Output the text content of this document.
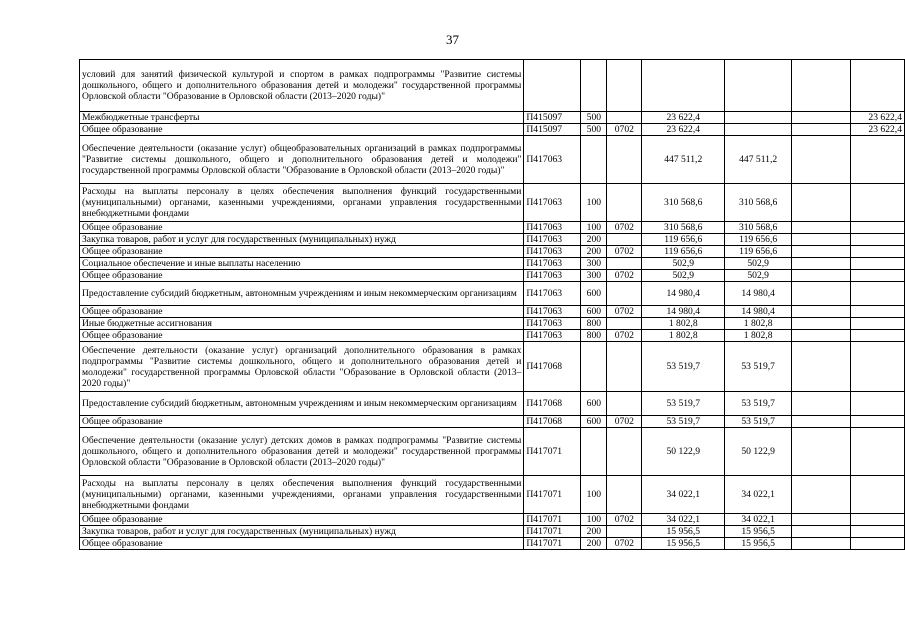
37
условий для занятий физической культурой и спортом в рамках подпрограммы "Развитие системы дошкольного, общего и дополнительного образования детей и молодежи" государственной программы Орловской области "Образование в Орловской области (2013–2020 годы)"							
Межбюджетные трансферты	П415097	500		23 622,4			23 622,4
Общее образование	П415097	500	0702	23 622,4			23 622,4
Обеспечение деятельности (оказание услуг) общеобразовательных организаций в рамках подпрограммы "Развитие системы дошкольного, общего и дополнительного образования детей и молодежи" государственной программы Орловской области "Образование в Орловской области (2013–2020 годы)"	П417063			447 511,2	447 511,2		
Расходы на выплаты персоналу в целях обеспечения выполнения функций государственными (муниципальными) органами, казенными учреждениями, органами управления государственными внебюджетными фондами	П417063	100		310 568,6	310 568,6		
Общее образование	П417063	100	0702	310 568,6	310 568,6		
Закупка товаров, работ и услуг для государственных (муниципальных) нужд	П417063	200		119 656,6	119 656,6		
Общее образование	П417063	200	0702	119 656,6	119 656,6		
Социальное обеспечение и иные выплаты населению	П417063	300		502,9	502,9		
Общее образование	П417063	300	0702	502,9	502,9		
Предоставление субсидий бюджетным, автономным учреждениям и иным некоммерческим организациям	П417063	600		14 980,4	14 980,4		
Общее образование	П417063	600	0702	14 980,4	14 980,4		
Иные бюджетные ассигнования	П417063	800		1 802,8	1 802,8		
Общее образование	П417063	800	0702	1 802,8	1 802,8		
Обеспечение деятельности (оказание услуг) организаций дополнительного образования в рамках подпрограммы "Развитие системы дошкольного, общего и дополнительного образования детей и молодежи" государственной программы Орловской области "Образование в Орловской области (2013–2020 годы)"	П417068			53 519,7	53 519,7		
Предоставление субсидий бюджетным, автономным учреждениям и иным некоммерческим организациям	П417068	600		53 519,7	53 519,7		
Общее образование	П417068	600	0702	53 519,7	53 519,7		
Обеспечение деятельности (оказание услуг) детских домов в рамках подпрограммы "Развитие системы дошкольного, общего и дополнительного образования детей и молодежи" государственной программы Орловской области "Образование в Орловской области (2013–2020 годы)"	П417071			50 122,9	50 122,9		
Расходы на выплаты персоналу в целях обеспечения выполнения функций государственными (муниципальными) органами, казенными учреждениями, органами управления государственными внебюджетными фондами	П417071	100		34 022,1	34 022,1		
Общее образование	П417071	100	0702	34 022,1	34 022,1		
Закупка товаров, работ и услуг для государственных (муниципальных) нужд	П417071	200		15 956,5	15 956,5		
Общее образование	П417071	200	0702	15 956,5	15 956,5		
